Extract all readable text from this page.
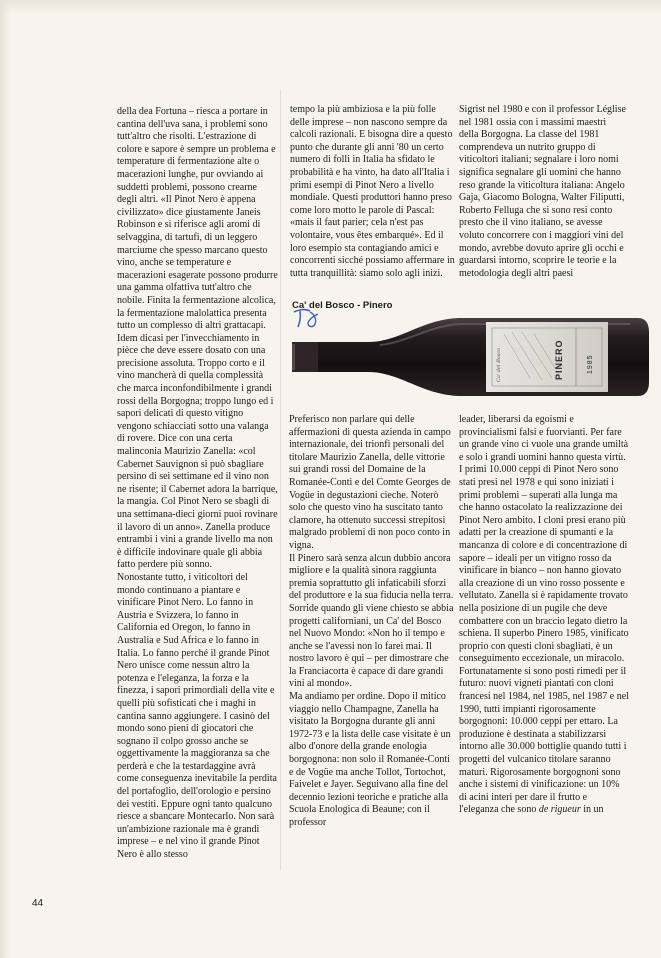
della dea Fortuna – riesca a portare in cantina dell'uva sana, i problemi sono tutt'altro che risolti. L'estrazione di colore e sapore è sempre un problema e temperature di fermentazione alte o macerazioni lunghe, pur ovviando ai suddetti problemi, possono crearne degli altri. «Il Pinot Nero è appena civilizzato» dice giustamente Janeis Robinson e si riferisce agli aromi di selvaggina, di tartufi, di un leggero marciume che spesso marcano questo vino, anche se temperature e macerazioni esagerate possono produrre una gamma olfattiva tutt'altro che nobile. Finita la fermentazione alcolica, la fermentazione malolattica presenta tutto un complesso di altri grattacapi. Idem dicasi per l'invecchiamento in pièce che deve essere dosato con una precisione assoluta. Troppo corto e il vino mancherà di quella complessità che marca inconfondibilmente i grandi rossi della Borgogna; troppo lungo ed i sapori delicati di questo vitigno vengono schiacciati sotto una valanga di rovere. Dice con una certa malinconia Maurizio Zanella: «col Cabernet Sauvignon si può sbagliare persino di sei settimane ed il vino non ne risente; il Cabernet adora la barrique, la mangia. Col Pinot Nero se sbagli di una settimana-dieci giorni puoi rovinare il lavoro di un anno». Zanella produce entrambi i vini a grande livello ma non è difficile indovinare quale gli abbia fatto perdere più sonno.

Nonostante tutto, i viticoltori del mondo continuano a piantare e vinificare Pinot Nero. Lo fanno in Austria e Svizzera, lo fanno in California ed Oregon, lo fanno in Australia e Sud Africa e lo fanno in Italia. Lo fanno perché il grande Pinot Nero unisce come nessun altro la potenza e l'eleganza, la forza e la finezza, i sapori primordiali della vite e quelli più sofisticati che i maghi in cantina sanno aggiungere. I casinò del mondo sono pieni di giocatori che sognano il colpo grosso anche se oggettivamente la maggioranza sa che perderà e che la testardaggine avrà come conseguenza inevitabile la perdita del portafoglio, dell'orologio e persino dei vestiti. Eppure ogni tanto qualcuno riesce a sbancare Montecarlo. Non sarà un'ambizione razionale ma è grandi imprese – e nel vino il grande Pinot Nero è allo stesso

tempo la più ambiziosa e la più folle delle imprese – non nascono sempre da calcoli razionali. E bisogna dire a questo punto che durante gli anni '80 un certo numero di folli in Italia ha sfidato le probabilità e ha vinto, ha dato all'Italia i primi esempi di Pinot Nero a livello mondiale. Questi produttori hanno preso come loro motto le parole di Pascal: «mais il faut parier; cela n'est pas volontaire, vous êtes embarqué». Ed il loro esempio sta contagiando amici e concorrenti sicché possiamo affermare in tutta tranquillità: siamo solo agli inizi.

Sigrist nel 1980 e con il professor Léglise nel 1981 ossia con i massimi maestri della Borgogna. La classe del 1981 comprendeva un nutrito gruppo di viticoltori italiani; segnalare i loro nomi significa segnalare gli uomini che hanno reso grande la viticoltura italiana: Angelo Gaja, Giacomo Bologna, Walter Filiputti, Roberto Felluga che si sono resi conto presto che il vino italiano, se avesse voluto concorrere con i maggiori vini del mondo, avrebbe dovuto aprire gli occhi e guardarsi intorno, scoprire le teorie e la metodologia degli altri paesi

Ca' del Bosco - Pinero
Ca' del Bosco	PINERO	1985

Preferisco non parlare qui delle affermazioni di questa azienda in campo internazionale, dei trionfi personali del titolare Maurizio Zanella, delle vittorie sui grandi rossi del Domaine de la Romanée-Conti e del Comte Georges de Vogüe in degustazioni cieche. Noterò solo che questo vino ha suscitato tanto clamore, ha ottenuto successi strepitosi malgrado problemi di non poco conto in vigna.

Il Pinero sarà senza alcun dubbio ancora migliore e la qualità sinora raggiunta premia soprattutto gli infaticabili sforzi del produttore e la sua fiducia nella terra.

Sorride quando gli viene chiesto se abbia progetti californiani, un Ca' del Bosco nel Nuovo Mondo: «Non ho il tempo e anche se l'avessi non lo farei mai. Il nostro lavoro è qui – per dimostrare che la Franciacorta è capace di dare grandi vini al mondo».

Ma andiamo per ordine. Dopo il mitico viaggio nello Champagne, Zanella ha visitato la Borgogna durante gli anni 1972-73 e la lista delle case visitate è un albo d'onore della grande enologia borgognona: non solo il Romanée-Conti e de Vogüe ma anche Tollot, Tortochot, Faivelet e Jayer. Seguivano alla fine del decennio lezioni teoriche e pratiche alla Scuola Enologica di Beaune; con il professor

leader, liberarsi da egoismi e provincialismi falsi e fuorvianti. Per fare un grande vino ci vuole una grande umiltà e solo i grandi uomini hanno questa virtù.

I primi 10.000 ceppi di Pinot Nero sono stati presi nel 1978 e qui sono iniziati i primi problemi – superati alla lunga ma che hanno ostacolato la realizzazione dei Pinot Nero ambito. I cloni presi erano più adatti per la creazione di spumanti e la mancanza di colore e di concentrazione di sapore – ideali per un vitigno rosso da vinificare in bianco – non hanno giovato alla creazione di un vino rosso possente e vellutato. Zanella si è rapidamente trovato nella posizione di un pugile che deve combattere con un braccio legato dietro la schiena. Il superbo Pinero 1985, vinificato proprio con questi cloni sbagliati, è un conseguimento eccezionale, un miracolo.

Fortunatamente si sono posti rimedi per il futuro: nuovi vigneti piantati con cloni francesi nel 1984, nel 1985, nel 1987 e nel 1990, tutti impianti rigorosamente borgognoni: 10.000 ceppi per ettaro. La produzione è destinata a stabilizzarsi intorno alle 30.000 bottiglie quando tutti i progetti del vulcanico titolare saranno maturi. Rigorosamente borgognoni sono anche i sistemi di vinificazione: un 10% di acini interi per dare il frutto e l'eleganza che sono de rigueur in un

44
